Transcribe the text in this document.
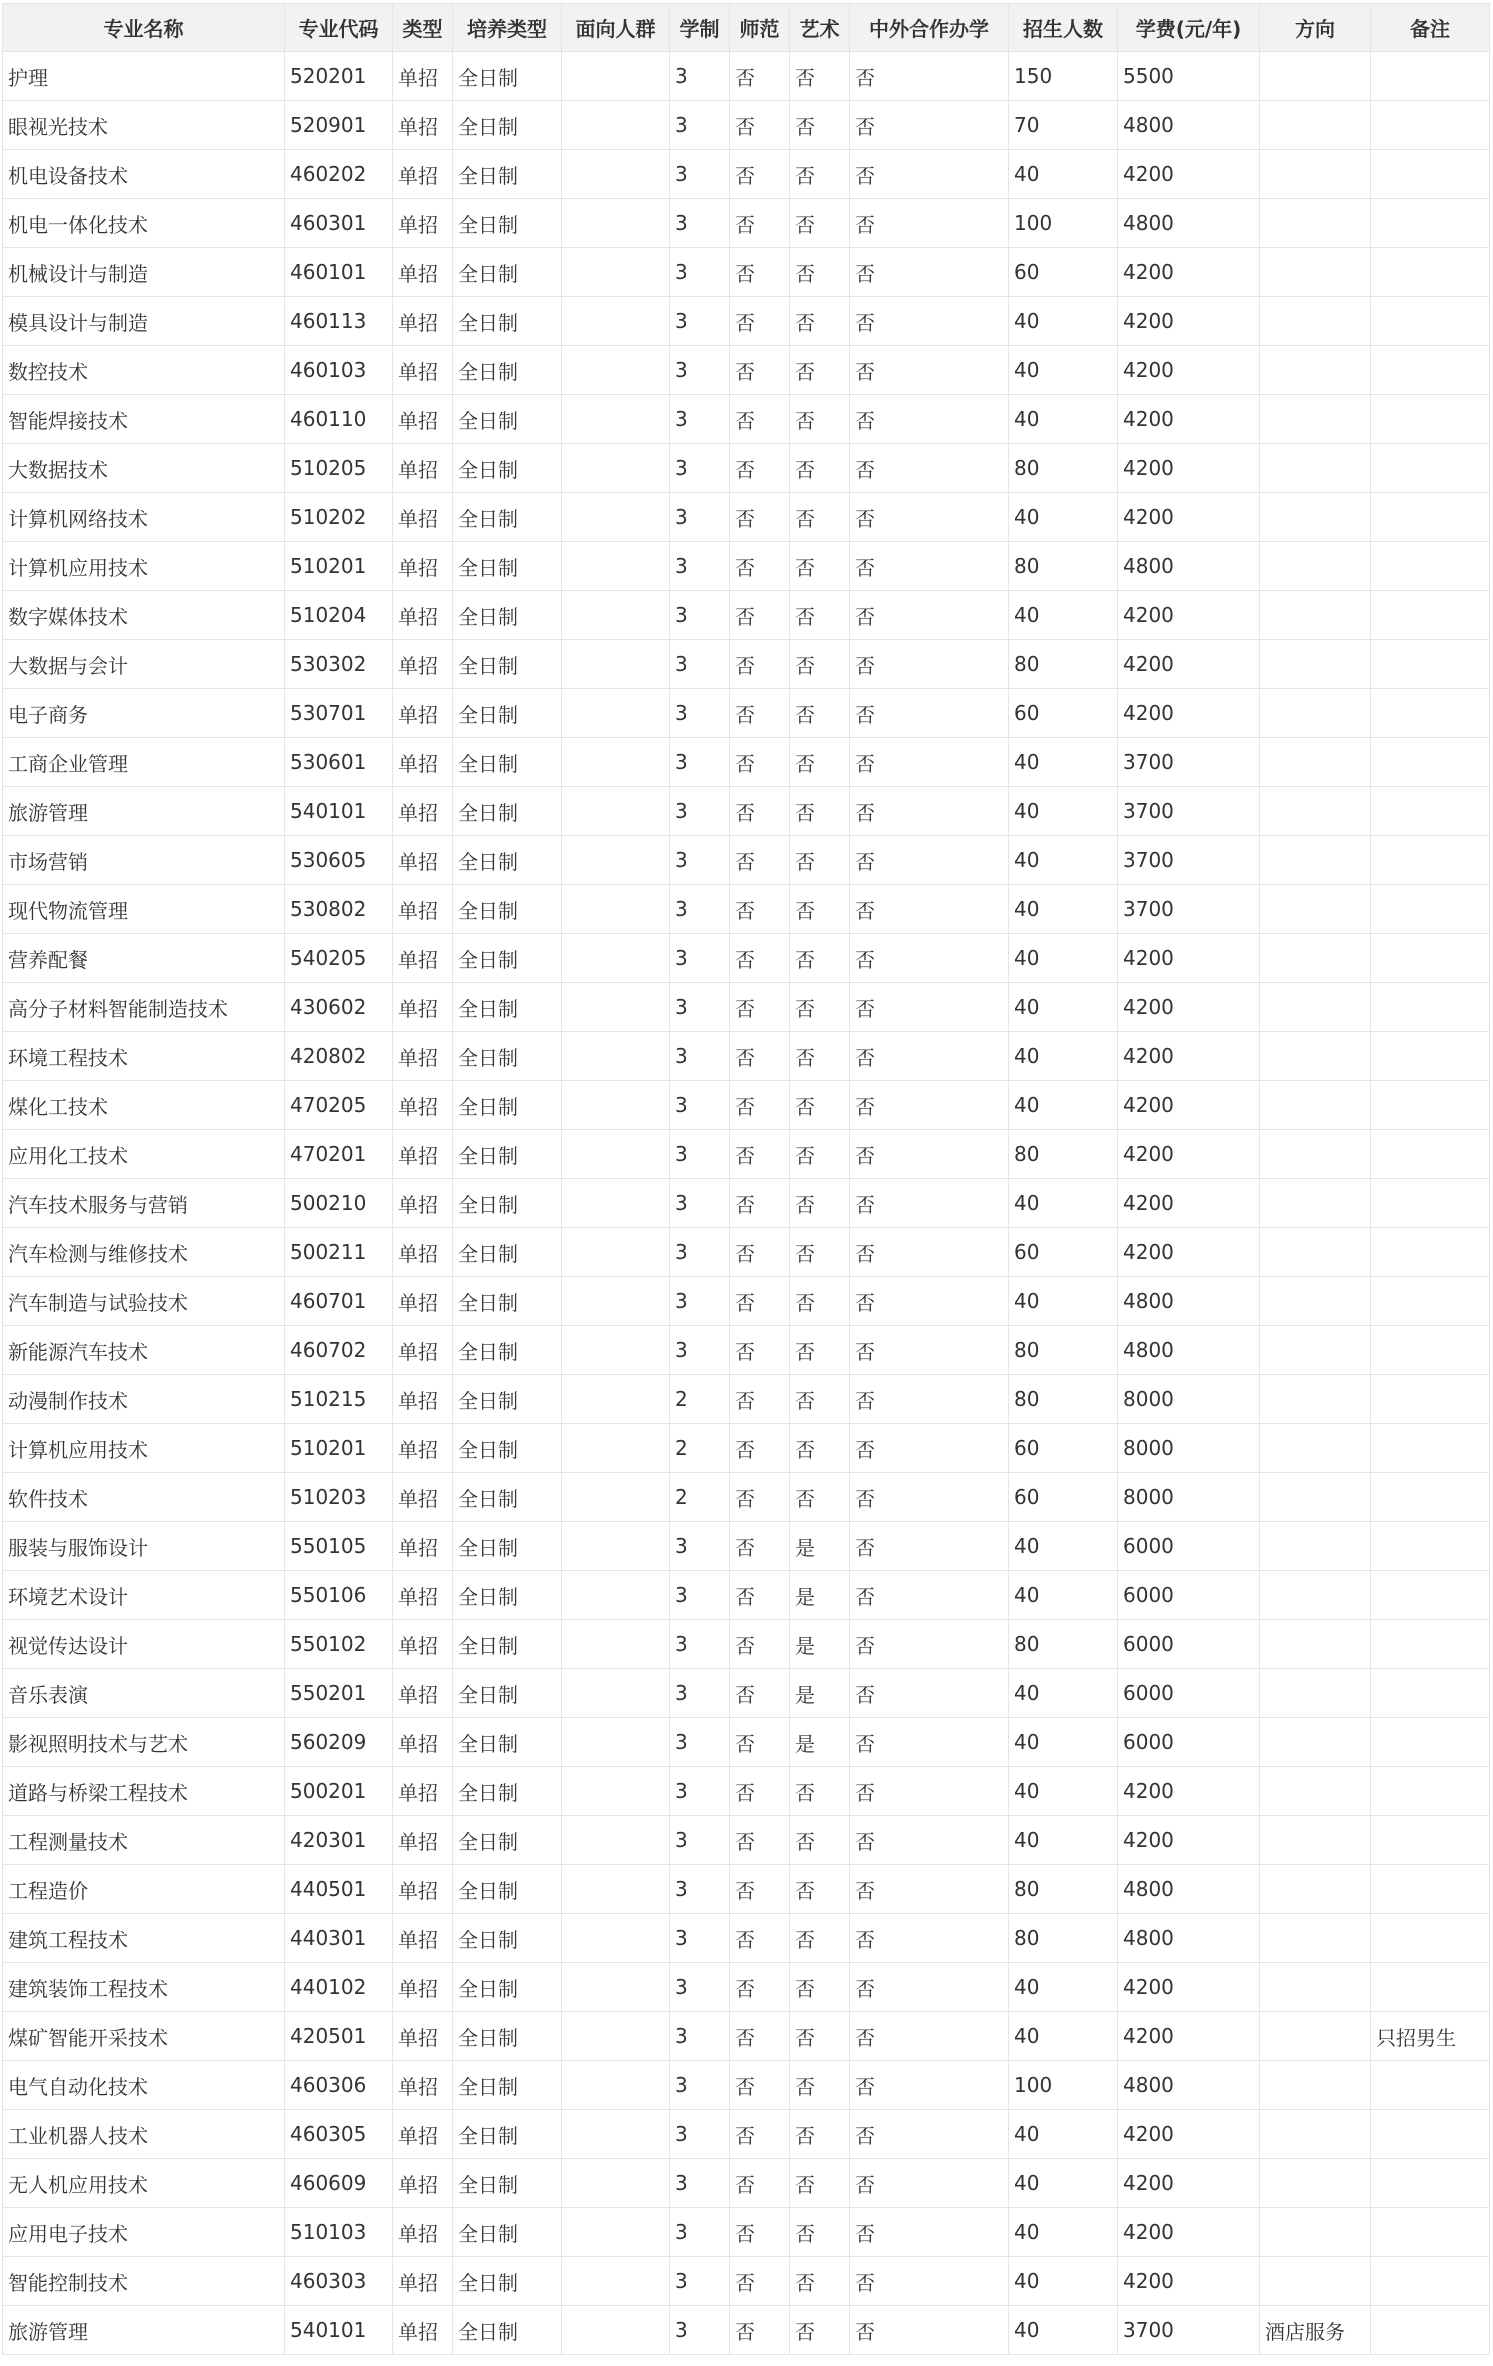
专业名称	专业代码	类型	培养类型	面向人群	学制	师范	艺术	中外合作办学	招生人数	学费(元/年)	方向	备注
护理	520201	单招	全日制		3	否	否	否	150	5500		
眼视光技术	520901	单招	全日制		3	否	否	否	70	4800		
机电设备技术	460202	单招	全日制		3	否	否	否	40	4200		
机电一体化技术	460301	单招	全日制		3	否	否	否	100	4800		
机械设计与制造	460101	单招	全日制		3	否	否	否	60	4200		
模具设计与制造	460113	单招	全日制		3	否	否	否	40	4200		
数控技术	460103	单招	全日制		3	否	否	否	40	4200		
智能焊接技术	460110	单招	全日制		3	否	否	否	40	4200		
大数据技术	510205	单招	全日制		3	否	否	否	80	4200		
计算机网络技术	510202	单招	全日制		3	否	否	否	40	4200		
计算机应用技术	510201	单招	全日制		3	否	否	否	80	4800		
数字媒体技术	510204	单招	全日制		3	否	否	否	40	4200		
大数据与会计	530302	单招	全日制		3	否	否	否	80	4200		
电子商务	530701	单招	全日制		3	否	否	否	60	4200		
工商企业管理	530601	单招	全日制		3	否	否	否	40	3700		
旅游管理	540101	单招	全日制		3	否	否	否	40	3700		
市场营销	530605	单招	全日制		3	否	否	否	40	3700		
现代物流管理	530802	单招	全日制		3	否	否	否	40	3700		
营养配餐	540205	单招	全日制		3	否	否	否	40	4200		
高分子材料智能制造技术	430602	单招	全日制		3	否	否	否	40	4200		
环境工程技术	420802	单招	全日制		3	否	否	否	40	4200		
煤化工技术	470205	单招	全日制		3	否	否	否	40	4200		
应用化工技术	470201	单招	全日制		3	否	否	否	80	4200		
汽车技术服务与营销	500210	单招	全日制		3	否	否	否	40	4200		
汽车检测与维修技术	500211	单招	全日制		3	否	否	否	60	4200		
汽车制造与试验技术	460701	单招	全日制		3	否	否	否	40	4800		
新能源汽车技术	460702	单招	全日制		3	否	否	否	80	4800		
动漫制作技术	510215	单招	全日制		2	否	否	否	80	8000		
计算机应用技术	510201	单招	全日制		2	否	否	否	60	8000		
软件技术	510203	单招	全日制		2	否	否	否	60	8000		
服装与服饰设计	550105	单招	全日制		3	否	是	否	40	6000		
环境艺术设计	550106	单招	全日制		3	否	是	否	40	6000		
视觉传达设计	550102	单招	全日制		3	否	是	否	80	6000		
音乐表演	550201	单招	全日制		3	否	是	否	40	6000		
影视照明技术与艺术	560209	单招	全日制		3	否	是	否	40	6000		
道路与桥梁工程技术	500201	单招	全日制		3	否	否	否	40	4200		
工程测量技术	420301	单招	全日制		3	否	否	否	40	4200		
工程造价	440501	单招	全日制		3	否	否	否	80	4800		
建筑工程技术	440301	单招	全日制		3	否	否	否	80	4800		
建筑装饰工程技术	440102	单招	全日制		3	否	否	否	40	4200		
煤矿智能开采技术	420501	单招	全日制		3	否	否	否	40	4200		只招男生
电气自动化技术	460306	单招	全日制		3	否	否	否	100	4800		
工业机器人技术	460305	单招	全日制		3	否	否	否	40	4200		
无人机应用技术	460609	单招	全日制		3	否	否	否	40	4200		
应用电子技术	510103	单招	全日制		3	否	否	否	40	4200		
智能控制技术	460303	单招	全日制		3	否	否	否	40	4200		
旅游管理	540101	单招	全日制		3	否	否	否	40	3700	酒店服务	
